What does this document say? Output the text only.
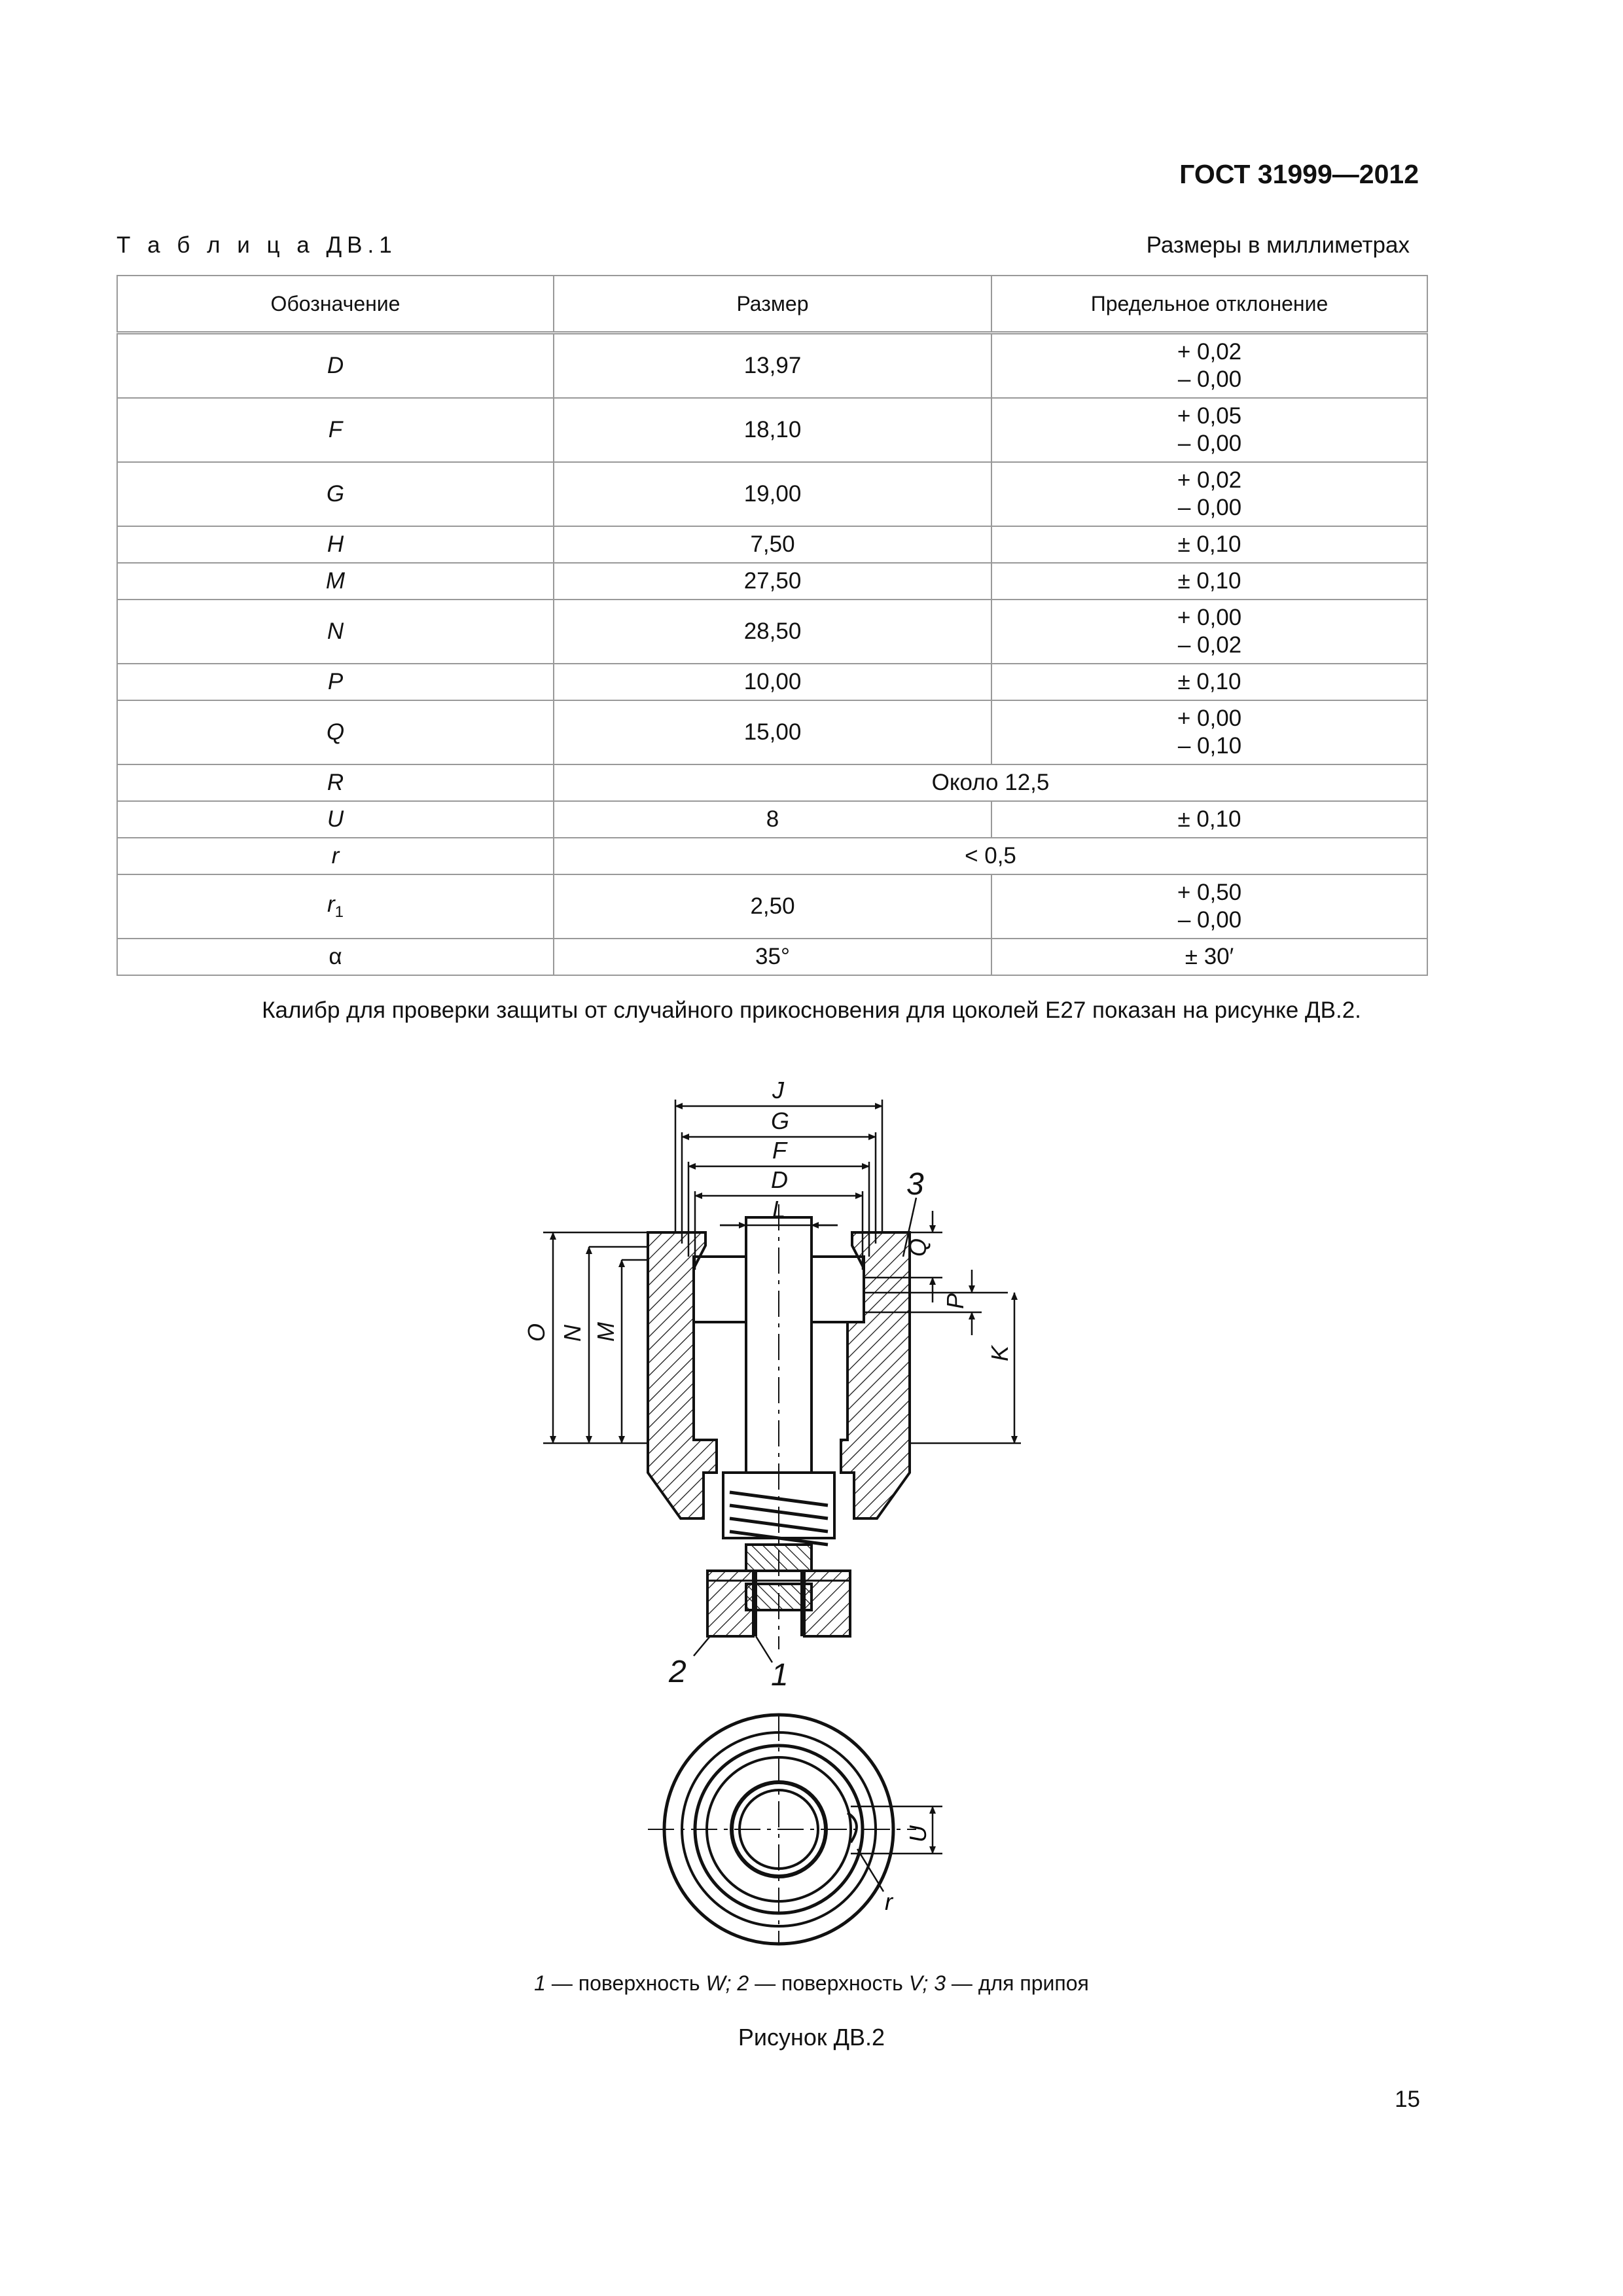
ГОСТ 31999—2012
Т а б л и ц а ДВ.1	Размеры в миллиметрах
Обозначение	Размер	Предельное отклонение
D	13,97	+ 0,02
– 0,00

F	18,10	+ 0,05
– 0,00

G	19,00	+ 0,02
– 0,00

H	7,50	± 0,10
M	27,50	± 0,10
N	28,50	+ 0,00
– 0,02

P	10,00	± 0,10
Q	15,00	+ 0,00
– 0,10

R	Около 12,5	
U	8	± 0,10
r	< 0,5	
$r_1$	2,50	+ 0,50
– 0,00

α	35°	± 30′
Калибр для проверки защиты от случайного прикосновения для цоколей E27 показан на рисунке ДВ.2.
J
G
F
D
L
O N M
Q
P
K
3
2	1
U
r
1 — поверхность W; 2 — поверхность V; 3 — для припоя
Рисунок ДВ.2
15
